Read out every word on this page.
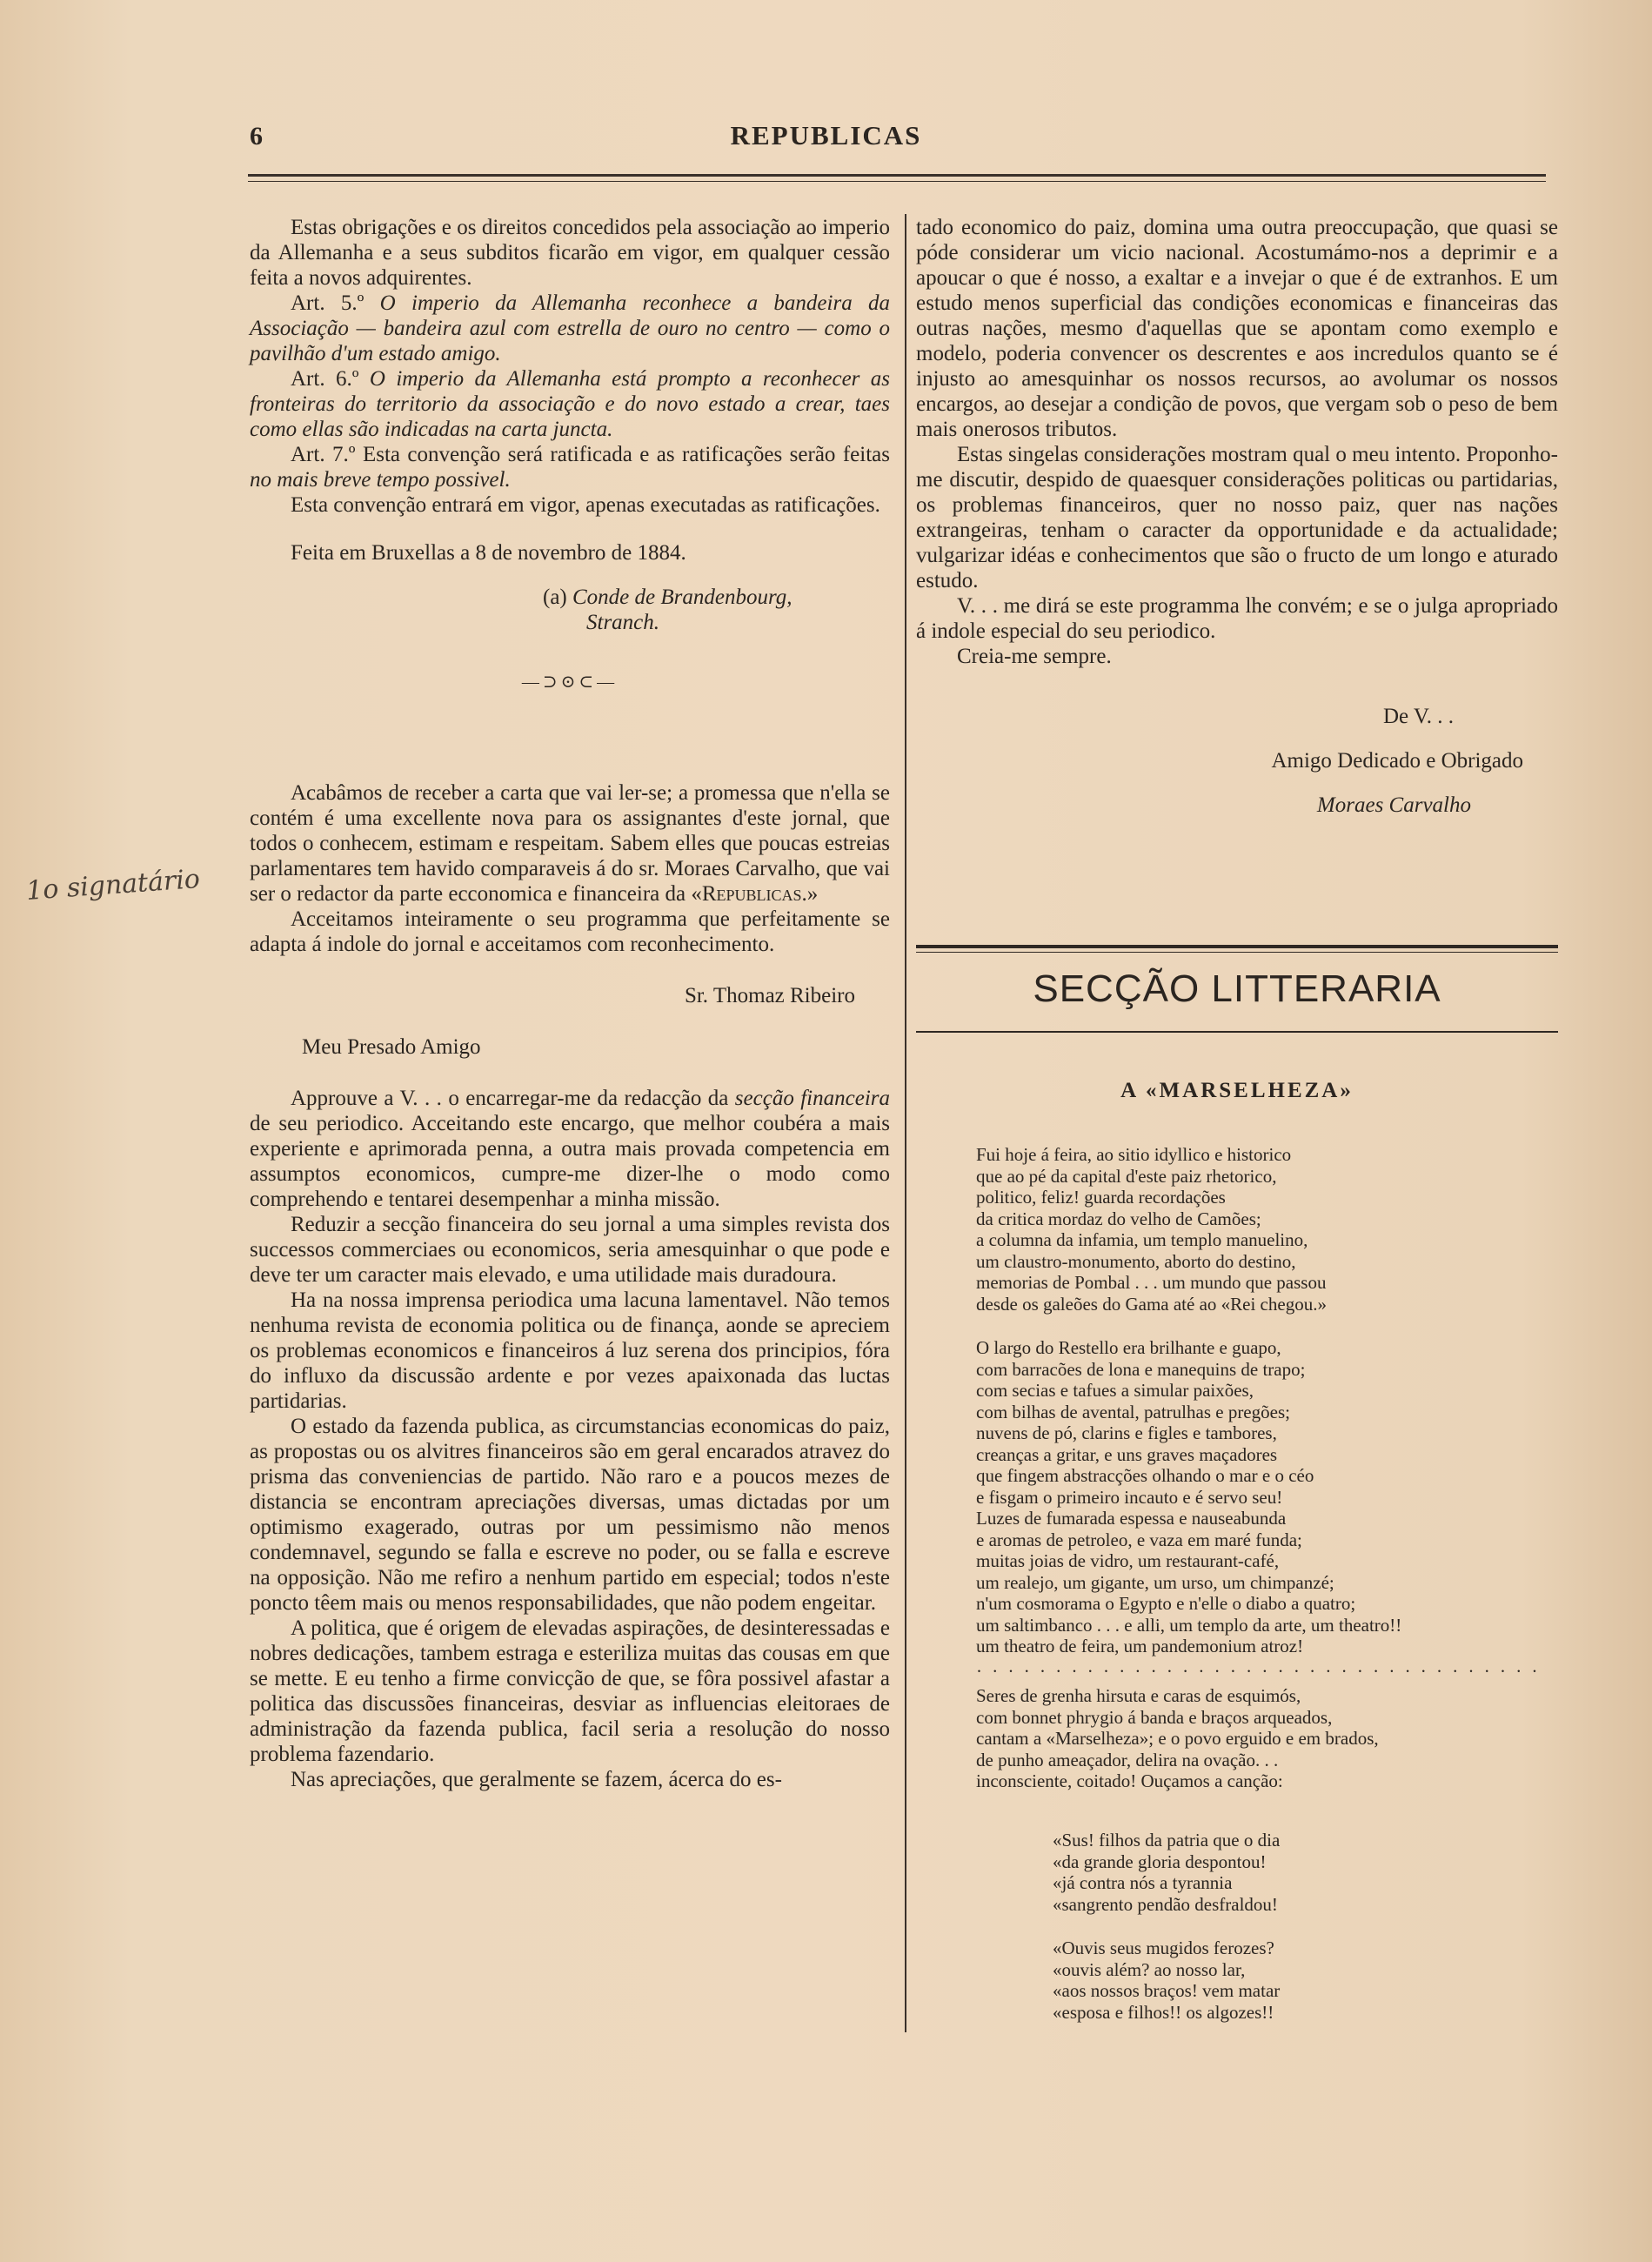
6	REPUBLICAS

Estas obrigações e os direitos concedidos pela associação ao imperio da Allemanha e a seus subditos ficarão em vigor, em qualquer cessão feita a novos adquirentes.

Art. 5.º O imperio da Allemanha reconhece a bandeira da Associação — bandeira azul com estrella de ouro no centro — como o pavilhão d'um estado amigo.

Art. 6.º O imperio da Allemanha está prompto a reconhecer as fronteiras do territorio da associação e do novo estado a crear, taes como ellas são indicadas na carta juncta.

Art. 7.º Esta convenção será ratificada e as ratificações serão feitas no mais breve tempo possivel.

Esta convenção entrará em vigor, apenas executadas as ratificações.

Feita em Bruxellas a 8 de novembro de 1884.

(a) Conde de Brandenbourg,

Stranch.

—⊃⊙⊂—
1o signatário

Acabâmos de receber a carta que vai ler-se; a promessa que n'ella se contém é uma excellente nova para os assignantes d'este jornal, que todos o conhecem, estimam e respeitam. Sabem elles que poucas estreias parlamentares tem havido comparaveis á do sr. Moraes Carvalho, que vai ser o redactor da parte ecconomica e financeira da «Republicas.»

Acceitamos inteiramente o seu programma que perfeitamente se adapta á indole do jornal e acceitamos com reconhecimento.

Sr. Thomaz Ribeiro

Meu Presado Amigo

Approuve a V. . . o encarregar-me da redacção da secção financeira de seu periodico. Acceitando este encargo, que melhor coubéra a mais experiente e aprimorada penna, a outra mais provada competencia em assumptos economicos, cumpre-me dizer-lhe o modo como comprehendo e tentarei desempenhar a minha missão.

Reduzir a secção financeira do seu jornal a uma simples revista dos successos commerciaes ou economicos, seria amesquinhar o que pode e deve ter um caracter mais elevado, e uma utilidade mais duradoura.

Ha na nossa imprensa periodica uma lacuna lamentavel. Não temos nenhuma revista de economia politica ou de finança, aonde se apreciem os problemas economicos e financeiros á luz serena dos principios, fóra do influxo da discussão ardente e por vezes apaixonada das luctas partidarias.

O estado da fazenda publica, as circumstancias economicas do paiz, as propostas ou os alvitres financeiros são em geral encarados atravez do prisma das conveniencias de partido. Não raro e a poucos mezes de distancia se encontram apreciações diversas, umas dictadas por um optimismo exagerado, outras por um pessimismo não menos condemnavel, segundo se falla e escreve no poder, ou se falla e escreve na opposição. Não me refiro a nenhum partido em especial; todos n'este poncto têem mais ou menos responsabilidades, que não podem engeitar.

A politica, que é origem de elevadas aspirações, de desinteressadas e nobres dedicações, tambem estraga e esteriliza muitas das cousas em que se mette. E eu tenho a firme convicção de que, se fôra possivel afastar a politica das discussões financeiras, desviar as influencias eleitoraes de administração da fazenda publica, facil seria a resolução do nosso problema fazendario.

Nas apreciações, que geralmente se fazem, ácerca do es-

tado economico do paiz, domina uma outra preoccupação, que quasi se póde considerar um vicio nacional. Acostumámo-nos a deprimir e a apoucar o que é nosso, a exaltar e a invejar o que é de extranhos. E um estudo menos superficial das condições economicas e financeiras das outras nações, mesmo d'aquellas que se apontam como exemplo e modelo, poderia convencer os descrentes e aos incredulos quanto se é injusto ao amesquinhar os nossos recursos, ao avolumar os nossos encargos, ao desejar a condição de povos, que vergam sob o peso de bem mais onerosos tributos.

Estas singelas considerações mostram qual o meu intento. Proponho-me discutir, despido de quaesquer considerações politicas ou partidarias, os problemas financeiros, quer no nosso paiz, quer nas nações extrangeiras, tenham o caracter da opportunidade e da actualidade; vulgarizar idéas e conhecimentos que são o fructo de um longo e aturado estudo.

V. . . me dirá se este programma lhe convém; e se o julga apropriado á indole especial do seu periodico.

Creia-me sempre.

De V. . .

Amigo Dedicado e Obrigado

Moraes Carvalho

SECÇÃO LITTERARIA
A «MARSELHEZA»
Fui hoje á feira, ao sitio idyllico e historico
que ao pé da capital d'este paiz rhetorico,
politico, feliz! guarda recordações
da critica mordaz do velho de Camões;
a columna da infamia, um templo manuelino,
um claustro-monumento, aborto do destino,
memorias de Pombal . . . um mundo que passou
desde os galeões do Gama até ao «Rei chegou.»
O largo do Restello era brilhante e guapo,
com barracões de lona e manequins de trapo;
com secias e tafues a simular paixões,
com bilhas de avental, patrulhas e pregões;
nuvens de pó, clarins e figles e tambores,
creanças a gritar, e uns graves maçadores
que fingem abstracções olhando o mar e o céo
e fisgam o primeiro incauto e é servo seu!
Luzes de fumarada espessa e nauseabunda
e aromas de petroleo, e vaza em maré funda;
muitas joias de vidro, um restaurant-café,
um realejo, um gigante, um urso, um chimpanzé;
n'um cosmorama o Egypto e n'elle o diabo a quatro;
um saltimbanco . . . e alli, um templo da arte, um theatro!!
um theatro de feira, um pandemonium atroz!
· · · · · · · · · · · · · · · · · · · · · · · · · · · · · · · · · · · ·
Seres de grenha hirsuta e caras de esquimós,
com bonnet phrygio á banda e braços arqueados,
cantam a «Marselheza»; e o povo erguido e em brados,
de punho ameaçador, delira na ovação. . .
inconsciente, coitado! Ouçamos a canção:
«Sus! filhos da patria que o dia
«da grande gloria despontou!
«já contra nós a tyrannia
«sangrento pendão desfraldou!
«Ouvis seus mugidos ferozes?
«ouvis além? ao nosso lar,
«aos nossos braços! vem matar
«esposa e filhos!! os algozes!!
